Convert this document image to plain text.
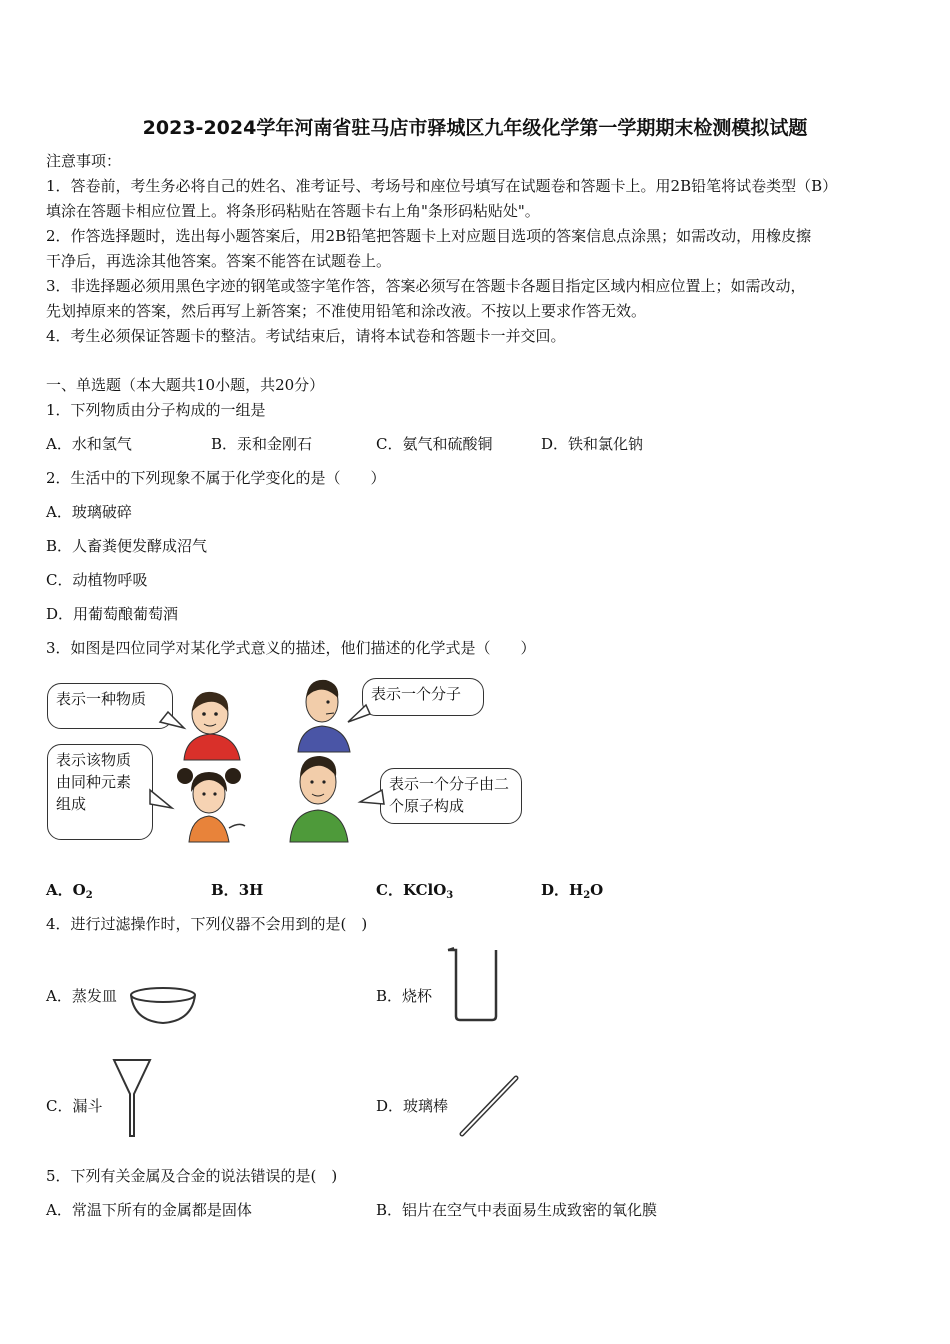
2023-2024学年河南省驻马店市驿城区九年级化学第一学期期末检测模拟试题
注意事项：
1．答卷前，考生务必将自己的姓名、准考证号、考场号和座位号填写在试题卷和答题卡上。用2B铅笔将试卷类型（B）
填涂在答题卡相应位置上。将条形码粘贴在答题卡右上角"条形码粘贴处"。
2．作答选择题时，选出每小题答案后，用2B铅笔把答题卡上对应题目选项的答案信息点涂黑；如需改动，用橡皮擦
干净后，再选涂其他答案。答案不能答在试题卷上。
3．非选择题必须用黑色字迹的钢笔或签字笔作答，答案必须写在答题卡各题目指定区域内相应位置上；如需改动，
先划掉原来的答案，然后再写上新答案；不准使用铅笔和涂改液。不按以上要求作答无效。
4．考生必须保证答题卡的整洁。考试结束后，请将本试卷和答题卡一并交回。
一、单选题（本大题共10小题，共20分）
1．下列物质由分子构成的一组是
A．水和氢气	B．汞和金刚石	C．氨气和硫酸铜	D．铁和氯化钠
2．生活中的下列现象不属于化学变化的是（　　）
A．玻璃破碎
B．人畜粪便发酵成沼气
C．动植物呼吸
D．用葡萄酿葡萄酒
3．如图是四位同学对某化学式意义的描述，他们描述的化学式是（　　）
表示一种物质	表示一个分子
表示该物质由同种元素组成
表示一个分子由二个原子构成
A．$O_2$	B．3H	C．KClO$_3$	D．$H_2O$
4．进行过滤操作时，下列仪器不会用到的是(　)
A．蒸发皿	B．烧杯
C．漏斗	D．玻璃棒
5．下列有关金属及合金的说法错误的是(　)
A．常温下所有的金属都是固体	B．铝片在空气中表面易生成致密的氧化膜
